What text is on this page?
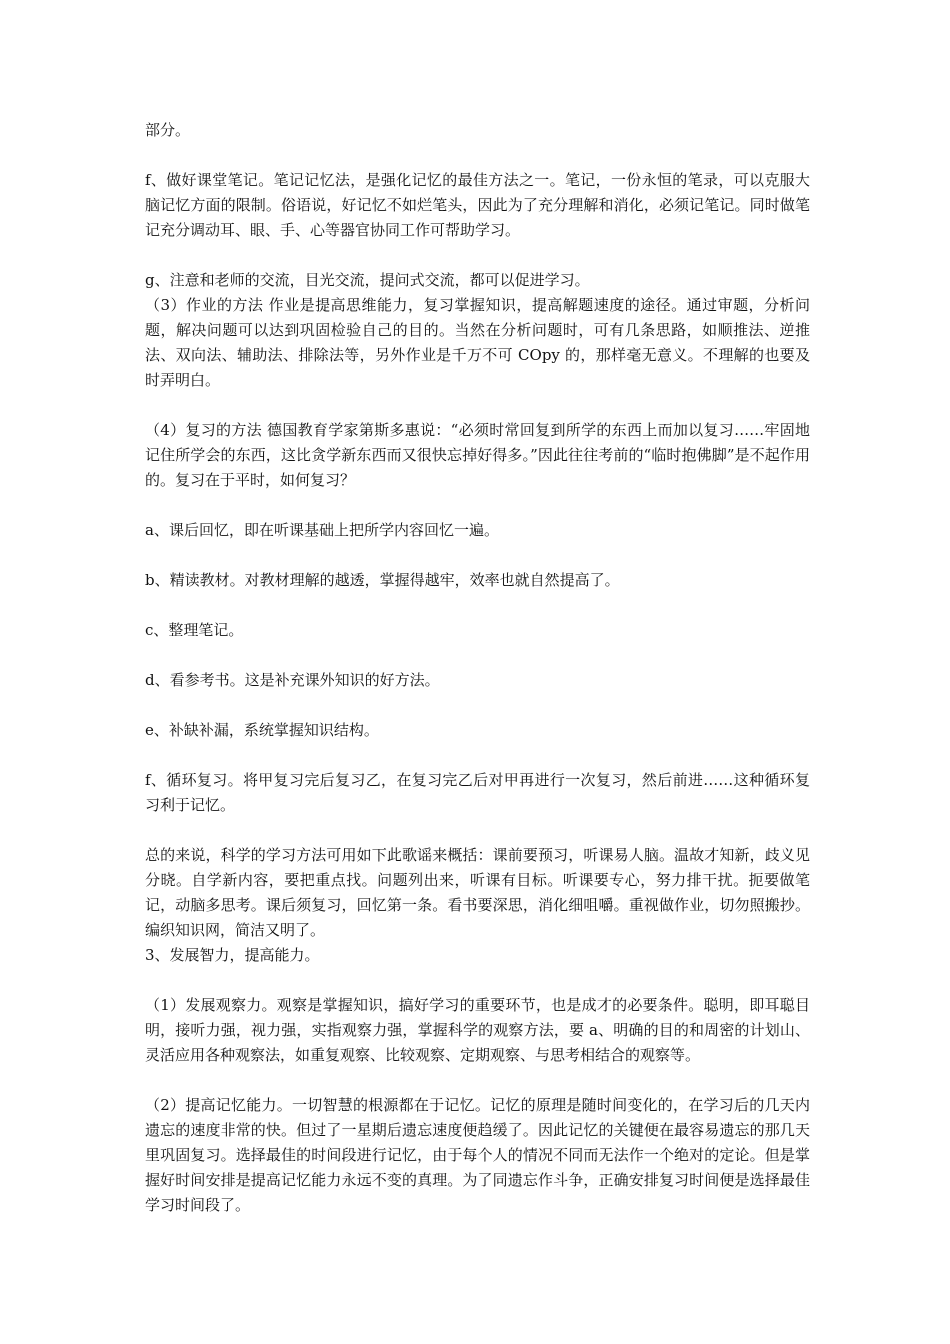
部分。

f、做好课堂笔记。笔记记忆法，是强化记忆的最佳方法之一。笔记，一份永恒的笔录，可以克服大脑记忆方面的限制。俗语说，好记忆不如烂笔头，因此为了充分理解和消化，必须记笔记。同时做笔记充分调动耳、眼、手、心等器官协同工作可帮助学习。

g、注意和老师的交流，目光交流，提问式交流，都可以促进学习。

（3）作业的方法 作业是提高思维能力，复习掌握知识，提高解题速度的途径。通过审题，分析问题，解决问题可以达到巩固检验自己的目的。当然在分析问题时，可有几条思路，如顺推法、逆推法、双向法、辅助法、排除法等，另外作业是千万不可 COpy 的，那样毫无意义。不理解的也要及时弄明白。

（4）复习的方法 德国教育学家第斯多惠说：“必须时常回复到所学的东西上而加以复习……牢固地记住所学会的东西，这比贪学新东西而又很快忘掉好得多。”因此往往考前的“临时抱佛脚”是不起作用的。复习在于平时，如何复习？

a、课后回忆，即在听课基础上把所学内容回忆一遍。

b、精读教材。对教材理解的越透，掌握得越牢，效率也就自然提高了。

c、整理笔记。

d、看参考书。这是补充课外知识的好方法。

e、补缺补漏，系统掌握知识结构。

f、循环复习。将甲复习完后复习乙，在复习完乙后对甲再进行一次复习，然后前进……这种循环复习利于记忆。

总的来说，科学的学习方法可用如下此歌谣来概括：课前要预习，听课易人脑。温故才知新，歧义见分晓。自学新内容，要把重点找。问题列出来，听课有目标。听课要专心，努力排干扰。扼要做笔记，动脑多思考。课后须复习，回忆第一条。看书要深思，消化细咀嚼。重视做作业，切勿照搬抄。编织知识网，简洁又明了。

3、发展智力，提高能力。

（1）发展观察力。观察是掌握知识，搞好学习的重要环节，也是成才的必要条件。聪明，即耳聪目明，接听力强，视力强，实指观察力强，掌握科学的观察方法，要 a、明确的目的和周密的计划山、灵活应用各种观察法，如重复观察、比较观察、定期观察、与思考相结合的观察等。

（2）提高记忆能力。一切智慧的根源都在于记忆。记忆的原理是随时间变化的，在学习后的几天内遗忘的速度非常的快。但过了一星期后遗忘速度便趋缓了。因此记忆的关键便在最容易遗忘的那几天里巩固复习。选择最佳的时间段进行记忆，由于每个人的情况不同而无法作一个绝对的定论。但是掌握好时间安排是提高记忆能力永远不变的真理。为了同遗忘作斗争，正确安排复习时间便是选择最佳学习时间段了。
